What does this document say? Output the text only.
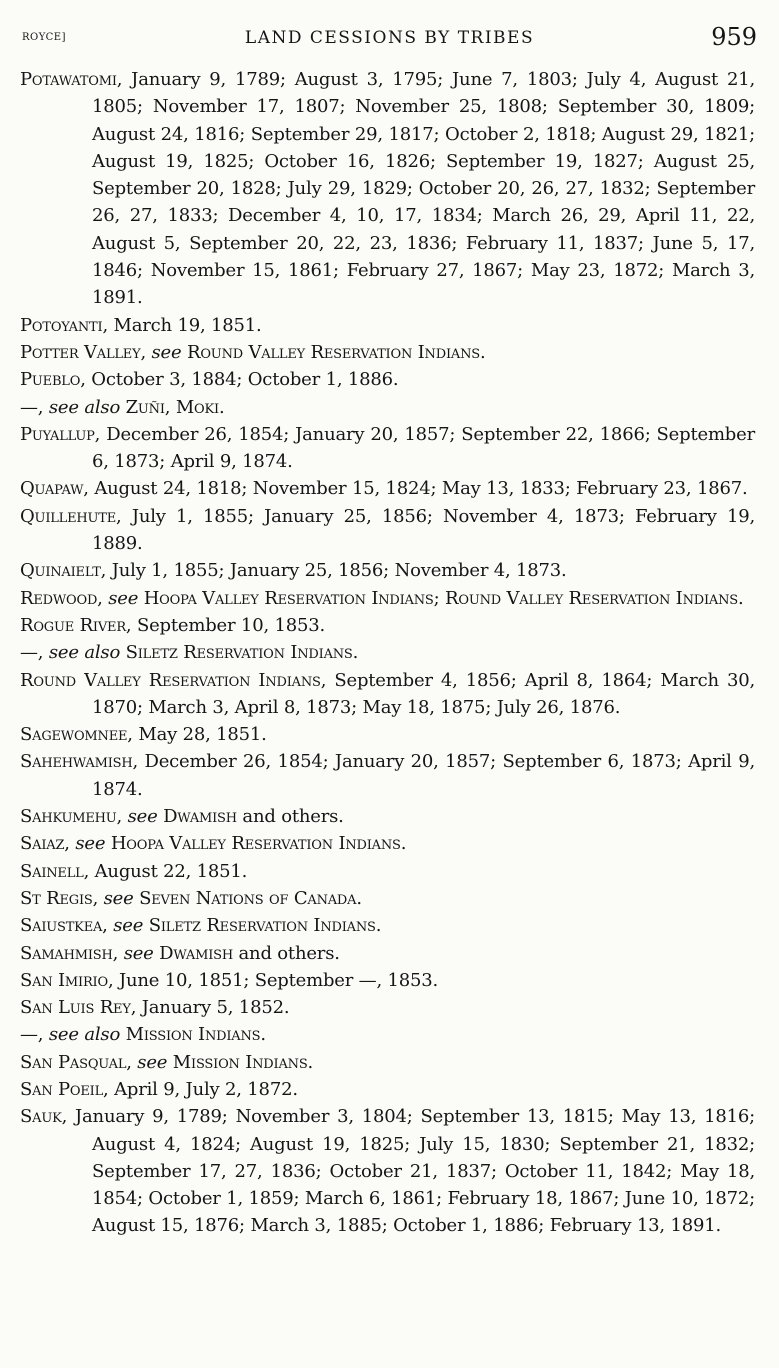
ROYCE]	LAND CESSIONS BY TRIBES	959

Potawatomi, January 9, 1789; August 3, 1795; June 7, 1803; July 4, August 21, 1805; November 17, 1807; November 25, 1808; September 30, 1809; August 24, 1816; September 29, 1817; October 2, 1818; August 29, 1821; August 19, 1825; October 16, 1826; September 19, 1827; August 25, September 20, 1828; July 29, 1829; October 20, 26, 27, 1832; September 26, 27, 1833; December 4, 10, 17, 1834; March 26, 29, April 11, 22, August 5, September 20, 22, 23, 1836; February 11, 1837; June 5, 17, 1846; November 15, 1861; February 27, 1867; May 23, 1872; March 3, 1891.

Potoyanti, March 19, 1851.

Potter Valley, see Round Valley Reservation Indians.

Pueblo, October 3, 1884; October 1, 1886.

—, see also Zuñi, Moki.

Puyallup, December 26, 1854; January 20, 1857; September 22, 1866; September 6, 1873; April 9, 1874.

Quapaw, August 24, 1818; November 15, 1824; May 13, 1833; February 23, 1867.

Quillehute, July 1, 1855; January 25, 1856; November 4, 1873; February 19, 1889.

Quinaielt, July 1, 1855; January 25, 1856; November 4, 1873.

Redwood, see Hoopa Valley Reservation Indians; Round Valley Reservation Indians.

Rogue River, September 10, 1853.

—, see also Siletz Reservation Indians.

Round Valley Reservation Indians, September 4, 1856; April 8, 1864; March 30, 1870; March 3, April 8, 1873; May 18, 1875; July 26, 1876.

Sagewomnee, May 28, 1851.

Sahehwamish, December 26, 1854; January 20, 1857; September 6, 1873; April 9, 1874.

Sahkumehu, see Dwamish and others.

Saiaz, see Hoopa Valley Reservation Indians.

Sainell, August 22, 1851.

St Regis, see Seven Nations of Canada.

Saiustkea, see Siletz Reservation Indians.

Samahmish, see Dwamish and others.

San Imirio, June 10, 1851; September —, 1853.

San Luis Rey, January 5, 1852.

—, see also Mission Indians.

San Pasqual, see Mission Indians.

San Poeil, April 9, July 2, 1872.

Sauk, January 9, 1789; November 3, 1804; September 13, 1815; May 13, 1816; August 4, 1824; August 19, 1825; July 15, 1830; September 21, 1832; September 17, 27, 1836; October 21, 1837; October 11, 1842; May 18, 1854; October 1, 1859; March 6, 1861; February 18, 1867; June 10, 1872; August 15, 1876; March 3, 1885; October 1, 1886; February 13, 1891.
